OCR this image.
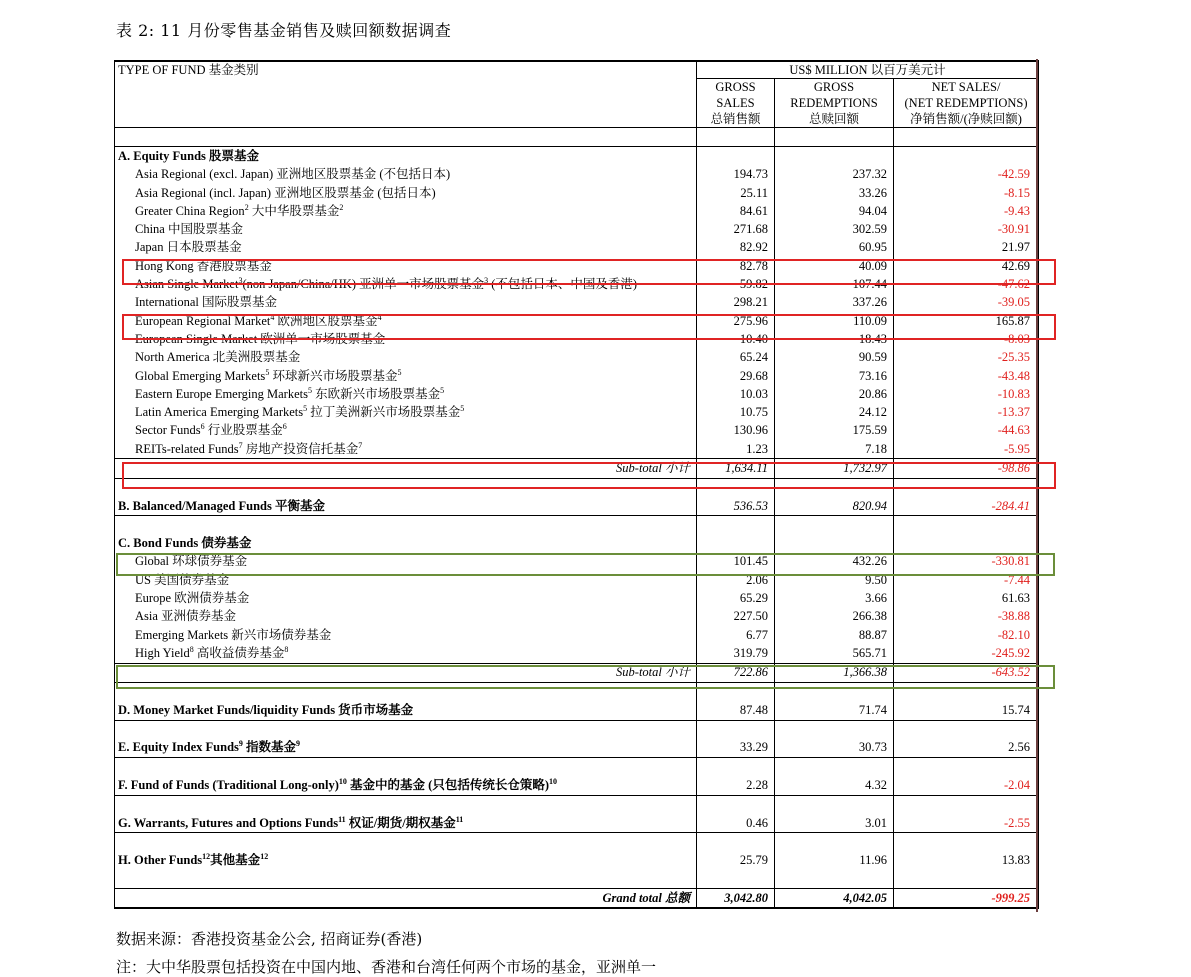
表 2: 11 月份零售基金销售及赎回额数据调查
TYPE OF FUND 基金类别	US$ MILLION 以百万美元计		
	GROSS	GROSS	NET SALES/
	SALES	REDEMPTIONS	(NET REDEMPTIONS)
	总销售额	总赎回额	净销售额/(净赎回额)

A. Equity Funds 股票基金			
Asia Regional (excl. Japan) 亚洲地区股票基金 (不包括日本)	194.73	237.32	-42.59
Asia Regional (incl. Japan) 亚洲地区股票基金 (包括日本)	25.11	33.26	-8.15
Greater China Region$^2$ 大中华股票基金$^2$	84.61	94.04	-9.43
China 中国股票基金	271.68	302.59	-30.91
Japan 日本股票基金	82.92	60.95	21.97
Hong Kong 香港股票基金	82.78	40.09	42.69
Asian Single Market$^3$(non Japan/China/HK) 亚洲单一市场股票基金$^3$ (不包括日本、中国及香港)	59.82	107.44	-47.62
International 国际股票基金	298.21	337.26	-39.05
European Regional Market$^4$ 欧洲地区股票基金$^4$	275.96	110.09	165.87
European Single Market 欧洲单一市场股票基金	10.40	18.43	-8.03
North America 北美洲股票基金	65.24	90.59	-25.35
Global Emerging Markets$^5$ 环球新兴市场股票基金$^5$	29.68	73.16	-43.48
Eastern Europe Emerging Markets$^5$ 东欧新兴市场股票基金$^5$	10.03	20.86	-10.83
Latin America Emerging Markets$^5$ 拉丁美洲新兴市场股票基金$^5$	10.75	24.12	-13.37
Sector Funds$^6$ 行业股票基金$^6$	130.96	175.59	-44.63
REITs-related Funds$^7$ 房地产投资信托基金$^7$	1.23	7.18	-5.95
Sub-total 小计	1,634.11	1,732.97	-98.86

B. Balanced/Managed Funds 平衡基金	536.53	820.94	-284.41

C. Bond Funds 债券基金			
Global 环球债券基金	101.45	432.26	-330.81
US 美国债券基金	2.06	9.50	-7.44
Europe 欧洲债券基金	65.29	3.66	61.63
Asia 亚洲债券基金	227.50	266.38	-38.88
Emerging Markets 新兴市场债券基金	6.77	88.87	-82.10
High Yield$^8$ 高收益债券基金$^8$	319.79	565.71	-245.92
Sub-total 小计	722.86	1,366.38	-643.52

D. Money Market Funds/liquidity Funds 货币市场基金	87.48	71.74	15.74

E. Equity Index Funds$^9$ 指数基金$^9$	33.29	30.73	2.56

F. Fund of Funds (Traditional Long-only)$^{10}$ 基金中的基金 (只包括传统长仓策略)$^{10}$	2.28	4.32	-2.04

G. Warrants, Futures and Options Funds$^{11}$ 权证/期货/期权基金$^{11}$	0.46	3.01	-2.55

H. Other Funds$^{12}$其他基金$^{12}$	25.79	11.96	13.83

Grand total 总额	3,042.80	4,042.05	-999.25
数据来源：香港投资基金公会, 招商证券(香港)
注：大中华股票包括投资在中国内地、香港和台湾任何两个市场的基金，亚洲单一
